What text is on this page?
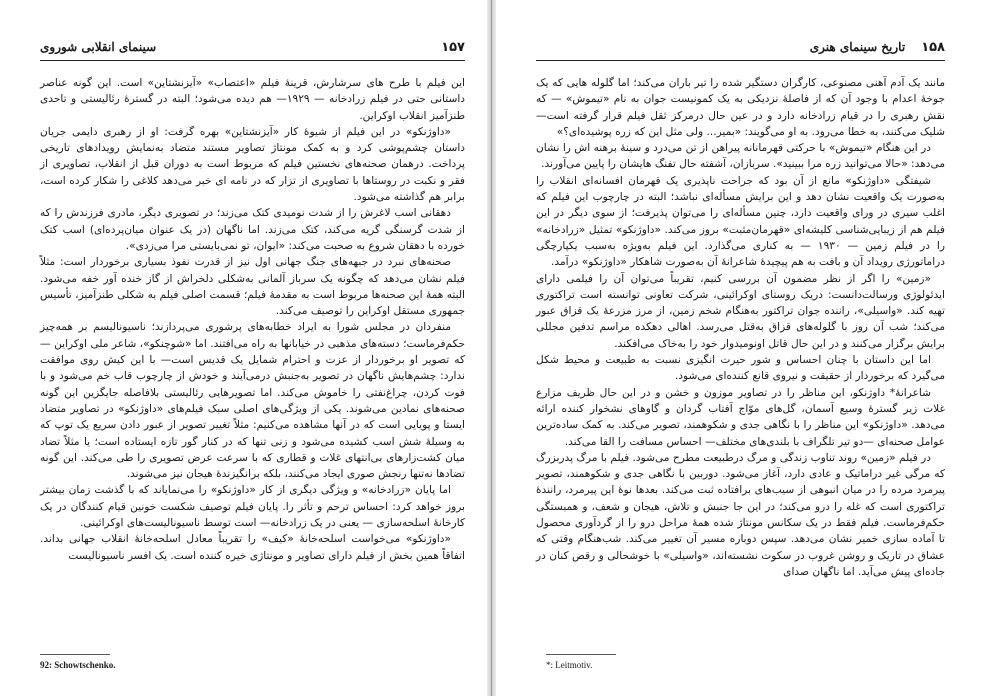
۱۵۷
سینمای انقلابی شوروی

این فیلم با طرح های سرشارش، قرینهٔ فیلم «اعتصاب» «آیزنشتاین» است. این گونه عناصر داستانی حتی در فیلم زرادخانه — ۱۹۲۹— هم دیده می‌شود؛ البته در گسترهٔ رئالیستی و تاحدی طنزآمیز انقلاب اوکراین.

«داوژنکو» در این فیلم از شیوهٔ کار «آیزنشتاین» بهره گرفت: او از رهبری دایمی جریان داستان چشم‌پوشی کرد و به کمک مونتاژ تصاویر مستند متضاد به‌نمایش رویدادهای تاریخی پرداخت. درهمان صحنه‌های نخستین فیلم که مربوط است به دوران قبل از انقلاب، تصاویری از فقر و نکبت در روستاها با تصاویری از تزار که در نامه ای خبر می‌دهد کلاغی را شکار کرده است، برابر هم گذاشته می‌شود.

دهقانی اسب لاغرش را از شدت نومیدی کتک می‌زند؛ در تصویری دیگر، مادری فرزندش را که از شدت گرسنگی گریه می‌کند، کتک می‌زند. اما ناگهان (در یک عنوان میان‌پرده‌ای) اسب کتک خورده با دهقان شروع به صحبت می‌کند: «ایوان، تو نمی‌بایستی مرا می‌زدی».

صحنه‌های نبرد در جبهه‌های جنگ جهانی اول نیز از قدرت نفوذ بسیاری برخوردار است: مثلاً فیلم نشان می‌دهد که چگونه یک سرباز آلمانی به‌شکلی دلخراش از گاز خنده آور خفه می‌شود. البته همهٔ این صحنه‌ها مربوط است به مقدمهٔ فیلم؛ قسمت اصلی فیلم به شکلی طنزآمیز، تأسیس جمهوری مستقل اوکراین را توصیف می‌کند.

منفردان در مجلس شورا به ایراد خطابه‌های پرشوری می‌پردازند؛ ناسیونالیسم بر همه‌چیز حکم‌فرماست؛ دسته‌های مذهبی در خیابانها به راه می‌افتند. اما «شوچنکو»، شاعر ملی اوکراین — که تصویر او برخوردار از عزت و احترام شمایل یک قدیس است— با این کیش روی موافقت ندارد: چشم‌هایش ناگهان در تصویر به‌جنبش درمی‌آیند و خودش از چارچوب قاب خم می‌شود و با فوت کردن، چراغ‌نفتی را خاموش می‌کند. اما تصویرهایی رئالیستی بلافاصله جایگزین این گونه صحنه‌های نمادین می‌شوند. یکی از ویژگی‌های اصلی سبک فیلم‌های «داوژنکو» در تصاویر متضاد ایستا و پویایی است که در آنها مشاهده می‌کنیم: مثلاً تغییر تصویر از عبور دادن سریع یک توپ که به وسیلهٔ شش اسب کشیده می‌شود و زنی تنها که در کنار گور تازه ایستاده است؛ یا مثلاً تضاد میان کشت‌زارهای بی‌انتهای غلات و قطاری که با سرعت عرض تصویری را طی می‌کند. این گونه تضادها نه‌تنها رنجش صوری ایجاد می‌کنند، بلکه برانگیزندهٔ هیجان نیز می‌شوند.

اما پایان «زرادخانه» و ویژگی دیگری از کار «داوژنکو» را می‌نمایاند که با گذشت زمان بیشتر بروز خواهد کرد: احساس ترحم و تأثر را. پایان فیلم توصیف شکست خونین قیام کنندگان در یک کارخانهٔ اسلحه‌سازی — یعنی در یک زرادخانه— است توسط ناسیونالیست‌های اوکرائینی.

«داوژنکو» می‌خواست اسلحه‌خانهٔ «کیف» را تقریباً معادل اسلحه‌خانهٔ انقلاب جهانی بداند. اتفاقاً همین بخش از فیلم دارای تصاویر و مونتاژی خیره کننده است. یک افسر ناسیونالیست

92: Schowtschenko.
۱۵۸
تاریخ سینمای هنری

مانند یک آدم آهنی مصنوعی، کارگران دستگیر شده را تیر باران می‌کند؛ اما گلوله هایی که یک جوخهٔ اعدام با وجود آن که از فاصلهٔ نزدیکی به یک کمونیست جوان به نام «تیموش» — که نقش رهبری را در قیام زرادخانه دارد و در عین حال درمرکز ثقل فیلم قرار گرفته است— شلیک می‌کنند، به خطا می‌رود. به او می‌گویند: «بمیر... ولی مثل این که زره پوشیده‌ای؟»

در این هنگام «تیموش» با حرکتی قهرمانانه پیراهن از تن می‌درد و سینهٔ برهنه اش را نشان می‌دهد: «حالا می‌توانید زره مرا ببینید». سربازان، آشفته حال تفنگ هایشان را پایین می‌آورند.

شیفتگی «داوژنکو» مانع از آن بود که جراحت ناپذیری یک قهرمان افسانه‌ای انقلاب را به‌صورت یک واقعیت نشان دهد و این برایش مسأله‌ای نباشد؛ البته در چارچوب این فیلم که اغلب سیری در ورای واقعیت دارد، چنین مسأله‌ای را می‌توان پذیرفت؛ از سوی دیگر در این فیلم هم از زیبایی‌شناسی کلیشه‌ای «قهرمان‌مثبت» بروز می‌کند. «داوژنکو» تمثیل «زرادخانه» را در فیلم زمین — ۱۹۳۰ — به کناری می‌گذارد. این فیلم به‌ویژه به‌سبب یکپارچگی دراماتورژی رویداد آن و بافت به هم پیچیدهٔ شاعرانهٔ آن به‌صورت شاهکار «داوژنکو» درآمد.

«زمین» را اگر از نظر مضمون آن بررسی کنیم، تقریباً می‌توان آن را فیلمی دارای ایدئولوژی ورسالت‌دانست: دریک روستای اوکرائینی، شرکت تعاونی توانسته است تراکتوری تهیه کند. «واسیلی»، راننده جوان تراکتور به‌هنگام شخم زمین، از مرز مزرعهٔ یک قزاق عبور می‌کند؛ شب آن روز با گلوله‌های قزاق به‌قتل می‌رسد. اهالی دهکده مراسم تدفین مجللی برایش برگزار می‌کنند و در این حال قاتل اونومیدوار خود را به‌خاک می‌افکند.

اما این داستان با چنان احساس و شور حیرت انگیزی نسبت به طبیعت و محیط شکل می‌گیرد که برخوردار از حقیقت و نیروی قانع کننده‌ای می‌شود.

شاعرانهٔ* داوژنکو، این مناظر را در تصاویر موزون و خشن و در این حال ظریف مزارع غلات زیر گسترهٔ وسیع آسمان، گل‌های موّاج آفتاب گردان و گاوهای نشخوار کننده ارائه می‌دهد. «داوژنکو» این مناظر را با نگاهی جدی و شکوهمند، تصویر می‌کند. به کمک ساده‌ترین عوامل صحنه‌ای —دو تیر تلگراف با بلندی‌های مختلف— احساس مسافت را القا می‌کند.

در فیلم «زمین» روند تناوب زندگی و مرگ درطبیعت مطرح می‌شود. فیلم با مرگ پدربزرگ که مرگی غیر دراماتیک و عادی دارد، آغاز می‌شود. دوربین با نگاهی جدی و شکوهمند، تصویر پیرمرد مرده را در میان انبوهی از سیب‌های برافتاده ثبت می‌کند. بعدها نوهٔ این پیرمرد، رانندهٔ تراکتوری است که غله را درو می‌کند؛ در این جا جنبش و تلاش، هیجان و شعف، و همبستگی حکم‌فرماست. فیلم فقط در یک سکانس مونتاژ شده همهٔ مراحل درو را از گردآوری محصول تا آماده سازی خمیر نشان می‌دهد. سپس دوباره مسیر آن تغییر می‌کند. شب‌هنگام وقتی که عشاق در تاریک و روشن غروب در سکوت نشسته‌اند، «واسیلی» با خوشحالی و رقص کنان در جاده‌ای پیش می‌آید. اما ناگهان صدای

*: Leitmotiv.
